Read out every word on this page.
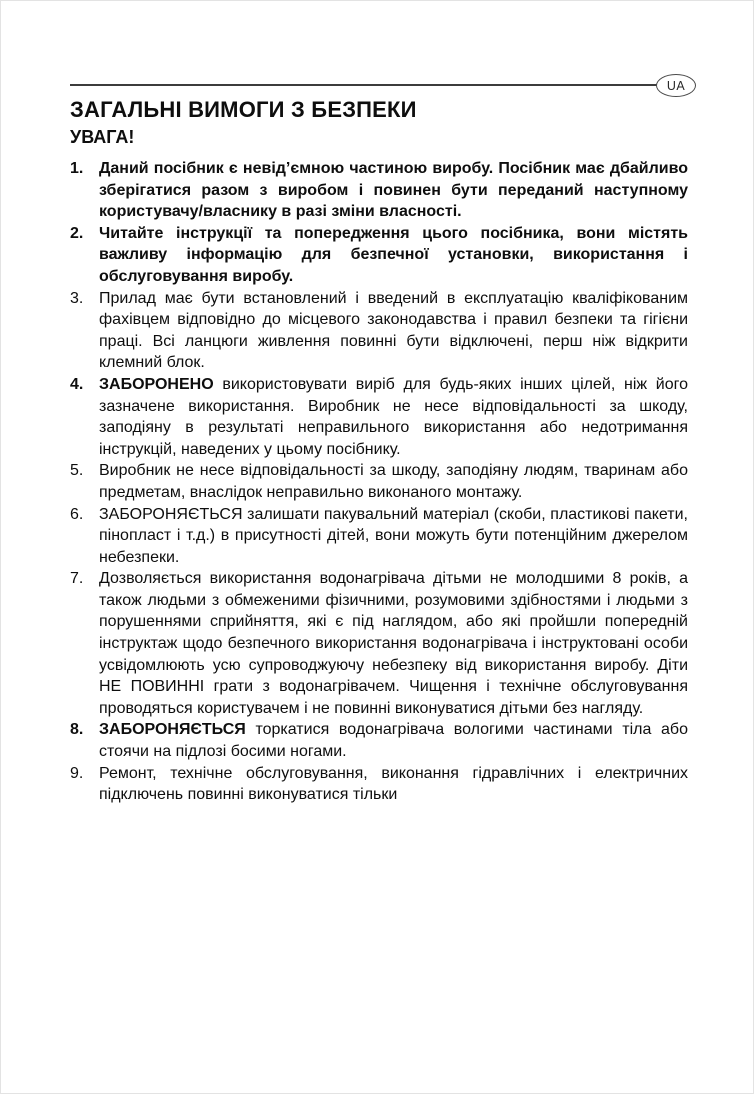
UA
ЗАГАЛЬНІ ВИМОГИ З БЕЗПЕКИ
УВАГА!
1. Даний посібник є невід’ємною частиною виробу. Посібник має дбайливо зберігатися разом з виробом і повинен бути переданий наступному користувачу/власнику в разі зміни власності.
2. Читайте інструкції та попередження цього посібника, вони містять важливу інформацію для безпечної установки, використання і обслуговування виробу.
3. Прилад має бути встановлений і введений в експлуатацію кваліфікованим фахівцем відповідно до місцевого законодавства і правил безпеки та гігієни праці. Всі ланцюги живлення повинні бути відключені, перш ніж відкрити клемний блок.
4. ЗАБОРОНЕНО використовувати виріб для будь-яких інших цілей, ніж його зазначене використання. Виробник не несе відповідальності за шкоду, заподіяну в результаті неправильного використання або недотримання інструкцій, наведених у цьому посібнику.
5. Виробник не несе відповідальності за шкоду, заподіяну людям, тваринам або предметам, внаслідок неправильно виконаного монтажу.
6. ЗАБОРОНЯЄТЬСЯ залишати пакувальний матеріал (скоби, пластикові пакети, пінопласт і т.д.) в присутності дітей, вони можуть бути потенційним джерелом небезпеки.
7. Дозволяється використання водонагрівача дітьми не молодшими 8 років, а також людьми з обмеженими фізичними, розумовими здібностями і людьми з порушеннями сприйняття, які є під наглядом, або які пройшли попередній інструктаж щодо безпечного використання водонагрівача і інструктовані особи усвідомлюють усю супроводжуючу небезпеку від використання виробу. Діти НЕ ПОВИННІ грати з водонагрівачем. Чищення і технічне обслуговування проводяться користувачем і не повинні виконуватися дітьми без нагляду.
8. ЗАБОРОНЯЄТЬСЯ торкатися водонагрівача вологими частинами тіла або стоячи на підлозі босими ногами.
9. Ремонт, технічне обслуговування, виконання гідравлічних і електричних підключень повинні виконуватися тільки
